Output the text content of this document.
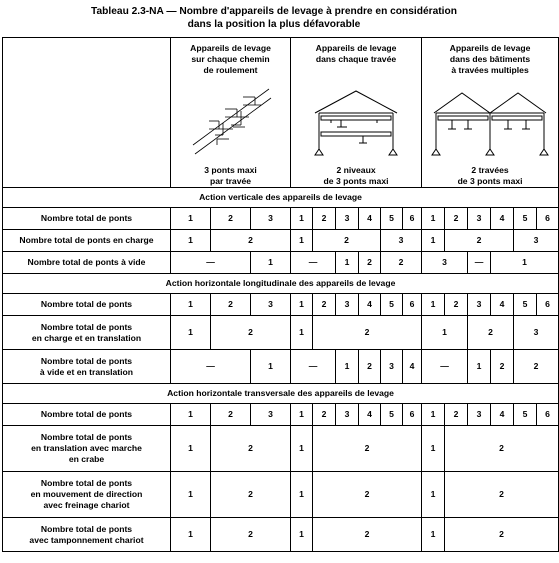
Tableau 2.3-NA — Nombre d'appareils de levage à prendre en considération
dans la position la plus défavorable

	Appareils de levage
sur chaque chemin
de roulement
3 ponts maxi
par travée			Appareils de levage
dans chaque travée
2 niveaux
de 3 ponts maxi						Appareils de levage
dans des bâtiments
à travées multiples
2 travées
de 3 ponts maxi						

Action verticale des appareils de levage																
Nombre total de ponts	1	2	3	1	2	3	4	5	6	1	2	3	4	5	6	
Nombre total de ponts en charge	1	2		1	2			3		1	2			3		
Nombre total de ponts à vide	—		1	—		1	2	2		3		—	1			
Action horizontale longitudinale des appareils de levage																
Nombre total de ponts	1	2	3	1	2	3	4	5	6	1	2	3	4	5	6	
Nombre total de ponts
en charge et en translation	1	2		1	2					1		2		3		
Nombre total de ponts
à vide et en translation	—		1	—		1	2	3	4	—		1	2	2	
Action horizontale transversale des appareils de levage																
Nombre total de ponts	1	2	3	1	2	3	4	5	6	1	2	3	4	5	6	
Nombre total de ponts
en translation avec marche
en crabe	1	2		1	2					1	2					
Nombre total de ponts
en mouvement de direction
avec freinage chariot	1	2		1	2					1	2					
Nombre total de ponts
avec tamponnement chariot	1	2		1	2					1	2					
